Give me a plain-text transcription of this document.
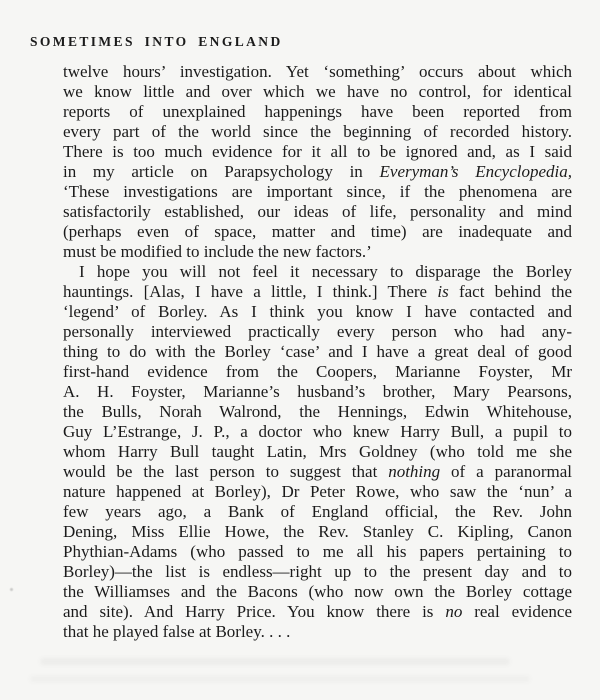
SOMETIMES INTO ENGLAND
twelve hours’ investigation. Yet ‘something’ occurs about which
we know little and over which we have no control, for identical
reports of unexplained happenings have been reported from
every part of the world since the beginning of recorded history.
There is too much evidence for it all to be ignored and, as I said
in my article on Parapsychology in Everyman’s Encyclopedia,
‘These investigations are important since, if the phenomena are
satisfactorily established, our ideas of life, personality and mind
(perhaps even of space, matter and time) are inadequate and
must be modified to include the new factors.’
I hope you will not feel it necessary to disparage the Borley
hauntings. [Alas, I have a little, I think.] There is fact behind the
‘legend’ of Borley. As I think you know I have contacted and
personally interviewed practically every person who had any-
thing to do with the Borley ‘case’ and I have a great deal of good
first-hand evidence from the Coopers, Marianne Foyster, Mr
A. H. Foyster, Marianne’s husband’s brother, Mary Pearsons,
the Bulls, Norah Walrond, the Hennings, Edwin Whitehouse,
Guy L’Estrange, J. P., a doctor who knew Harry Bull, a pupil to
whom Harry Bull taught Latin, Mrs Goldney (who told me she
would be the last person to suggest that nothing of a paranormal
nature happened at Borley), Dr Peter Rowe, who saw the ‘nun’ a
few years ago, a Bank of England official, the Rev. John
Dening, Miss Ellie Howe, the Rev. Stanley C. Kipling, Canon
Phythian-Adams (who passed to me all his papers pertaining to
Borley)—the list is endless—right up to the present day and to
the Williamses and the Bacons (who now own the Borley cottage
and site). And Harry Price. You know there is no real evidence
that he played false at Borley. . . .
